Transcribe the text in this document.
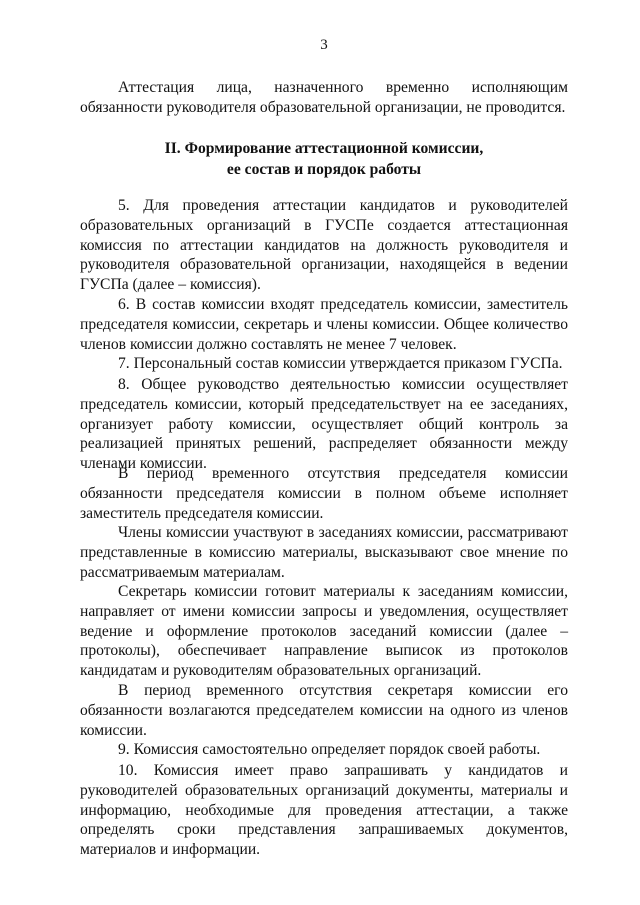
3

Аттестация лица, назначенного временно исполняющим обязанности руководителя образовательной организации, не проводится.

II. Формирование аттестационной комиссии,
ее состав и порядок работы

5. Для проведения аттестации кандидатов и руководителей образовательных организаций в ГУСПе создается аттестационная комиссия по аттестации кандидатов на должность руководителя и руководителя образовательной организации, находящейся в ведении ГУСПа (далее – комиссия).

6. В состав комиссии входят председатель комиссии, заместитель председателя комиссии, секретарь и члены комиссии. Общее количество членов комиссии должно составлять не менее 7 человек.

7. Персональный состав комиссии утверждается приказом ГУСПа.

8. Общее руководство деятельностью комиссии осуществляет председатель комиссии, который председательствует на ее заседаниях, организует работу комиссии, осуществляет общий контроль за реализацией принятых решений, распределяет обязанности между членами комиссии.

В период временного отсутствия председателя комиссии обязанности председателя комиссии в полном объеме исполняет заместитель председателя комиссии.

Члены комиссии участвуют в заседаниях комиссии, рассматривают представленные в комиссию материалы, высказывают свое мнение по рассматриваемым материалам.

Секретарь комиссии готовит материалы к заседаниям комиссии, направляет от имени комиссии запросы и уведомления, осуществляет ведение и оформление протоколов заседаний комиссии (далее – протоколы), обеспечивает направление выписок из протоколов кандидатам и руководителям образовательных организаций.

В период временного отсутствия секретаря комиссии его обязанности возлагаются председателем комиссии на одного из членов комиссии.

9. Комиссия самостоятельно определяет порядок своей работы.

10. Комиссия имеет право запрашивать у кандидатов и руководителей образовательных организаций документы, материалы и информацию, необходимые для проведения аттестации, а также определять сроки представления запрашиваемых документов, материалов и информации.
